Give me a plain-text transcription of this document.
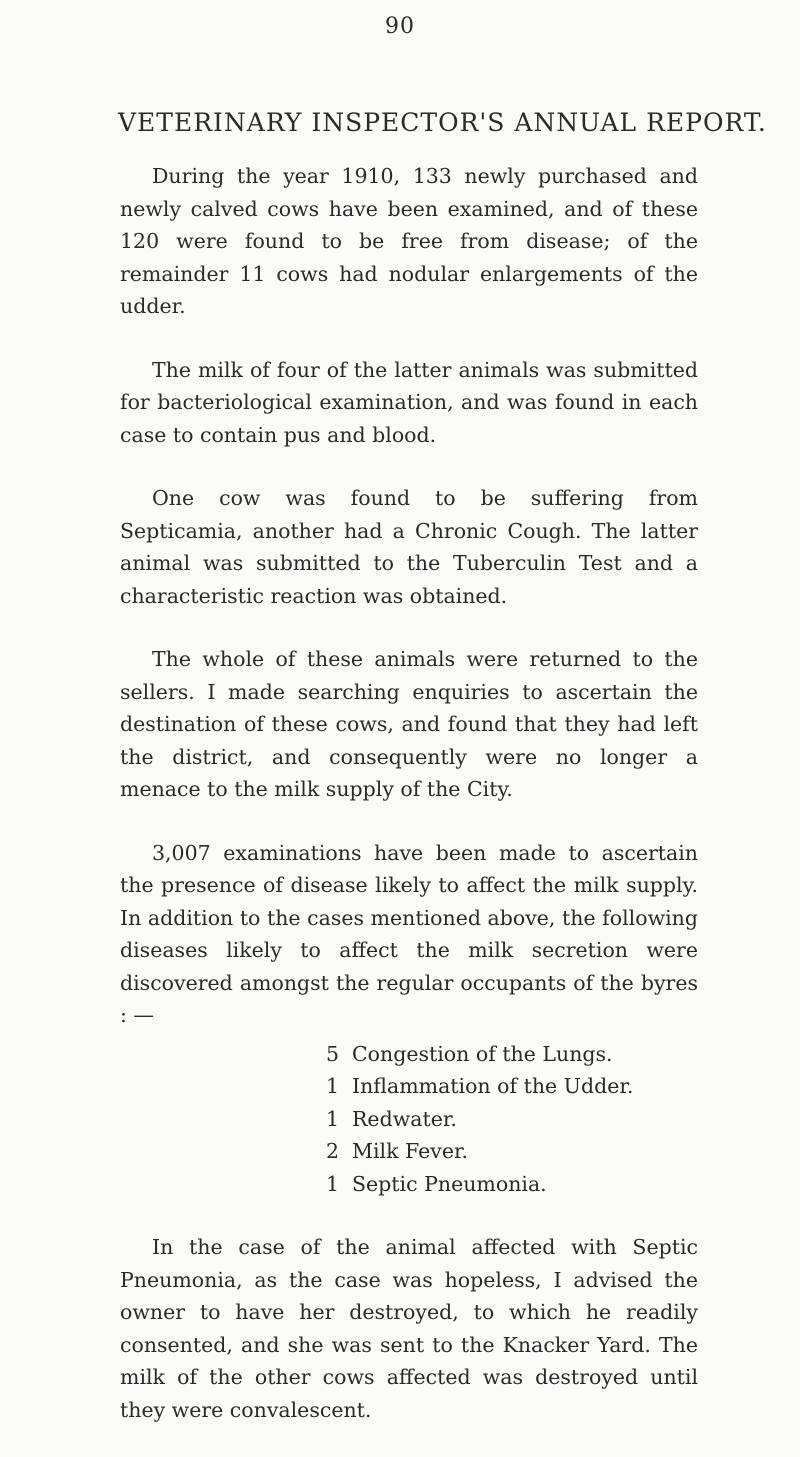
90
VETERINARY INSPECTOR'S ANNUAL REPORT.

During the year 1910, 133 newly purchased and newly calved cows have been examined, and of these 120 were found to be free from disease; of the remainder 11 cows had nodular enlargements of the udder.

The milk of four of the latter animals was submitted for bacteriological examination, and was found in each case to contain pus and blood.

One cow was found to be suffering from Septicamia, another had a Chronic Cough. The latter animal was submitted to the Tuberculin Test and a characteristic reaction was obtained.

The whole of these animals were returned to the sellers. I made searching enquiries to ascertain the destination of these cows, and found that they had left the district, and consequently were no longer a menace to the milk supply of the City.

3,007 examinations have been made to ascertain the presence of disease likely to affect the milk supply. In addition to the cases mentioned above, the following diseases likely to affect the milk secretion were discovered amongst the regular occupants of the byres : —

5 Congestion of the Lungs.
1 Inflammation of the Udder.
1 Redwater.
2 Milk Fever.
1 Septic Pneumonia.

In the case of the animal affected with Septic Pneumonia, as the case was hopeless, I advised the owner to have her destroyed, to which he readily consented, and she was sent to the Knacker Yard. The milk of the other cows affected was destroyed until they were convalescent.
